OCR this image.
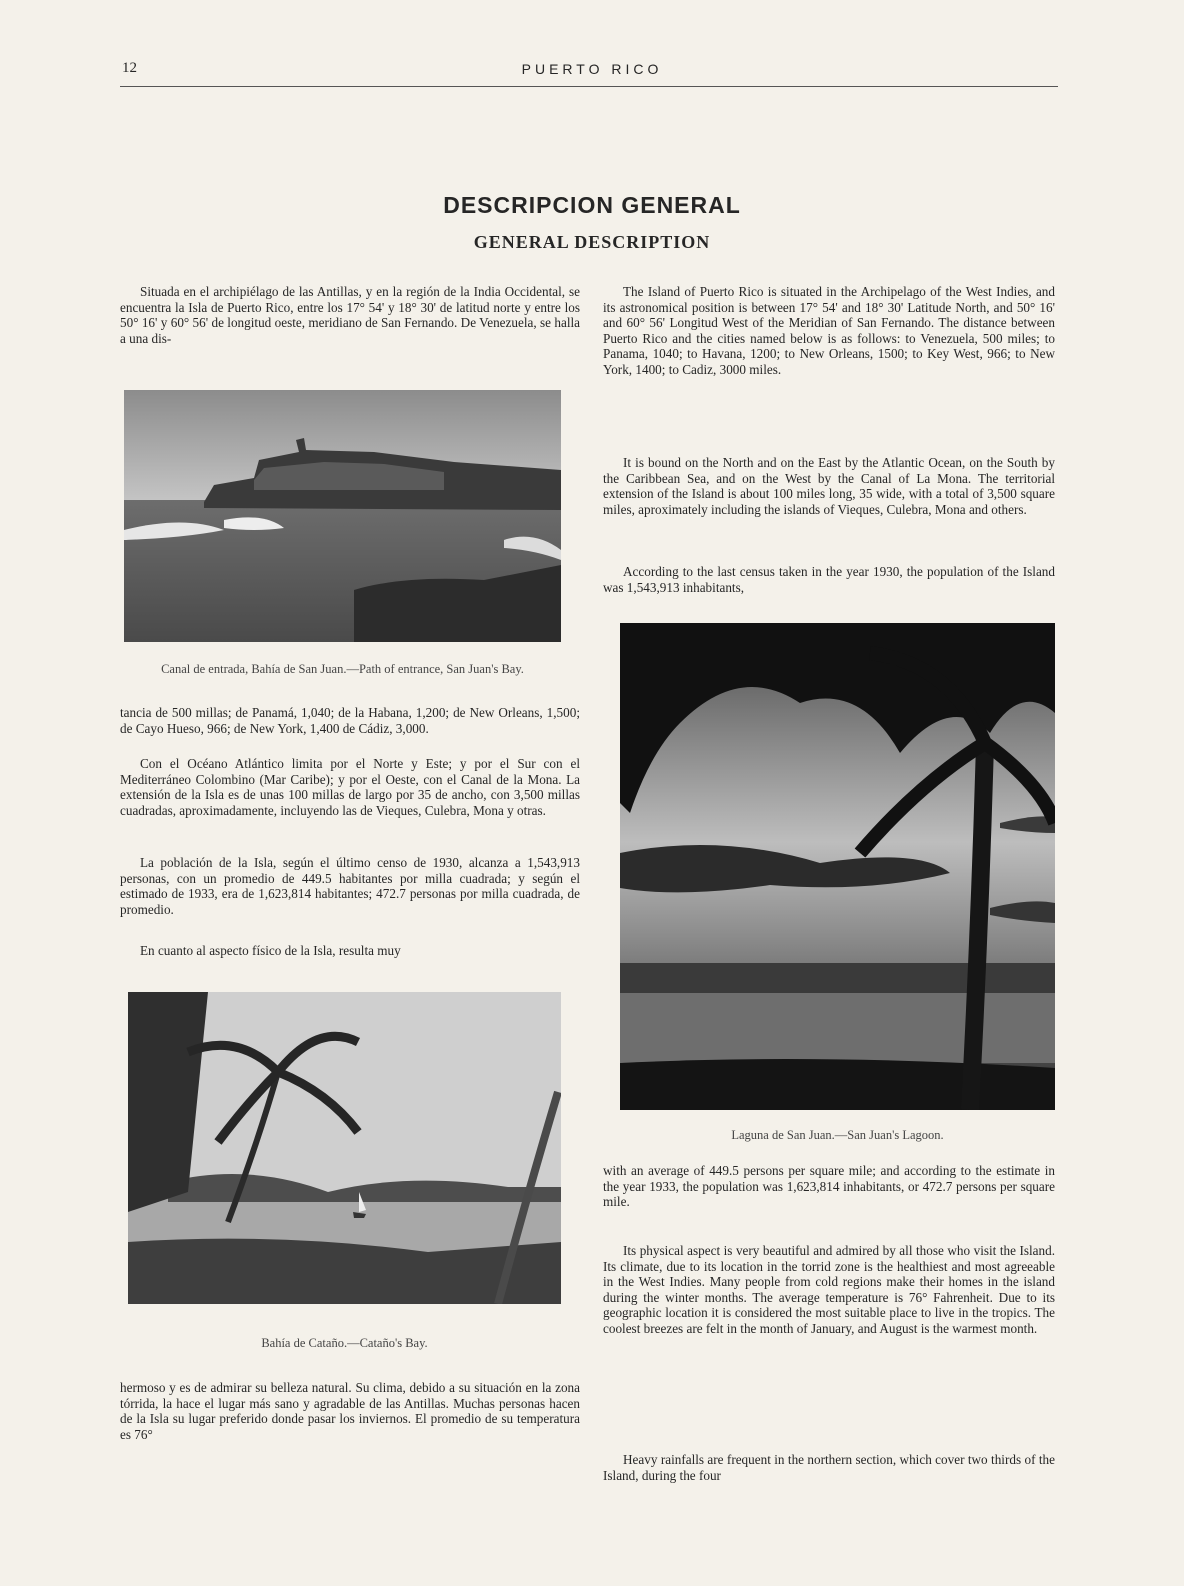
12	PUERTO RICO
DESCRIPCION GENERAL
GENERAL DESCRIPTION

Situada en el archipiélago de las Antillas, y en la región de la India Occidental, se encuentra la Isla de Puerto Rico, entre los 17° 54' y 18° 30' de latitud norte y entre los 50° 16' y 60° 56' de longitud oeste, meridiano de San Fernando. De Venezuela, se halla a una dis-

Canal de entrada, Bahía de San Juan.—Path of entrance, San Juan's Bay.

tancia de 500 millas; de Panamá, 1,040; de la Habana, 1,200; de New Orleans, 1,500; de Cayo Hueso, 966; de New York, 1,400 de Cádiz, 3,000.

Con el Océano Atlántico limita por el Norte y Este; y por el Sur con el Mediterráneo Colombino (Mar Caribe); y por el Oeste, con el Canal de la Mona. La extensión de la Isla es de unas 100 millas de largo por 35 de ancho, con 3,500 millas cuadradas, aproximadamente, incluyendo las de Vieques, Culebra, Mona y otras.

La población de la Isla, según el último censo de 1930, alcanza a 1,543,913 personas, con un promedio de 449.5 habitantes por milla cuadrada; y según el estimado de 1933, era de 1,623,814 habitantes; 472.7 personas por milla cuadrada, de promedio.

En cuanto al aspecto físico de la Isla, resulta muy

Bahía de Cataño.—Cataño's Bay.

hermoso y es de admirar su belleza natural. Su clima, debido a su situación en la zona tórrida, la hace el lugar más sano y agradable de las Antillas. Muchas personas hacen de la Isla su lugar preferido donde pasar los inviernos. El promedio de su temperatura es 76°

The Island of Puerto Rico is situated in the Archipelago of the West Indies, and its astronomical position is between 17° 54' and 18° 30' Latitude North, and 50° 16' and 60° 56' Longitud West of the Meridian of San Fernando. The distance between Puerto Rico and the cities named below is as follows: to Venezuela, 500 miles; to Panama, 1040; to Havana, 1200; to New Orleans, 1500; to Key West, 966; to New York, 1400; to Cadiz, 3000 miles.

It is bound on the North and on the East by the Atlantic Ocean, on the South by the Caribbean Sea, and on the West by the Canal of La Mona. The territorial extension of the Island is about 100 miles long, 35 wide, with a total of 3,500 square miles, aproximately including the islands of Vieques, Culebra, Mona and others.

According to the last census taken in the year 1930, the population of the Island was 1,543,913 inhabitants,

Laguna de San Juan.—San Juan's Lagoon.

with an average of 449.5 persons per square mile; and according to the estimate in the year 1933, the population was 1,623,814 inhabitants, or 472.7 persons per square mile.

Its physical aspect is very beautiful and admired by all those who visit the Island. Its climate, due to its location in the torrid zone is the healthiest and most agreeable in the West Indies. Many people from cold regions make their homes in the island during the winter months. The average temperature is 76° Fahrenheit. Due to its geographic location it is considered the most suitable place to live in the tropics. The coolest breezes are felt in the month of January, and August is the warmest month.

Heavy rainfalls are frequent in the northern section, which cover two thirds of the Island, during the four
